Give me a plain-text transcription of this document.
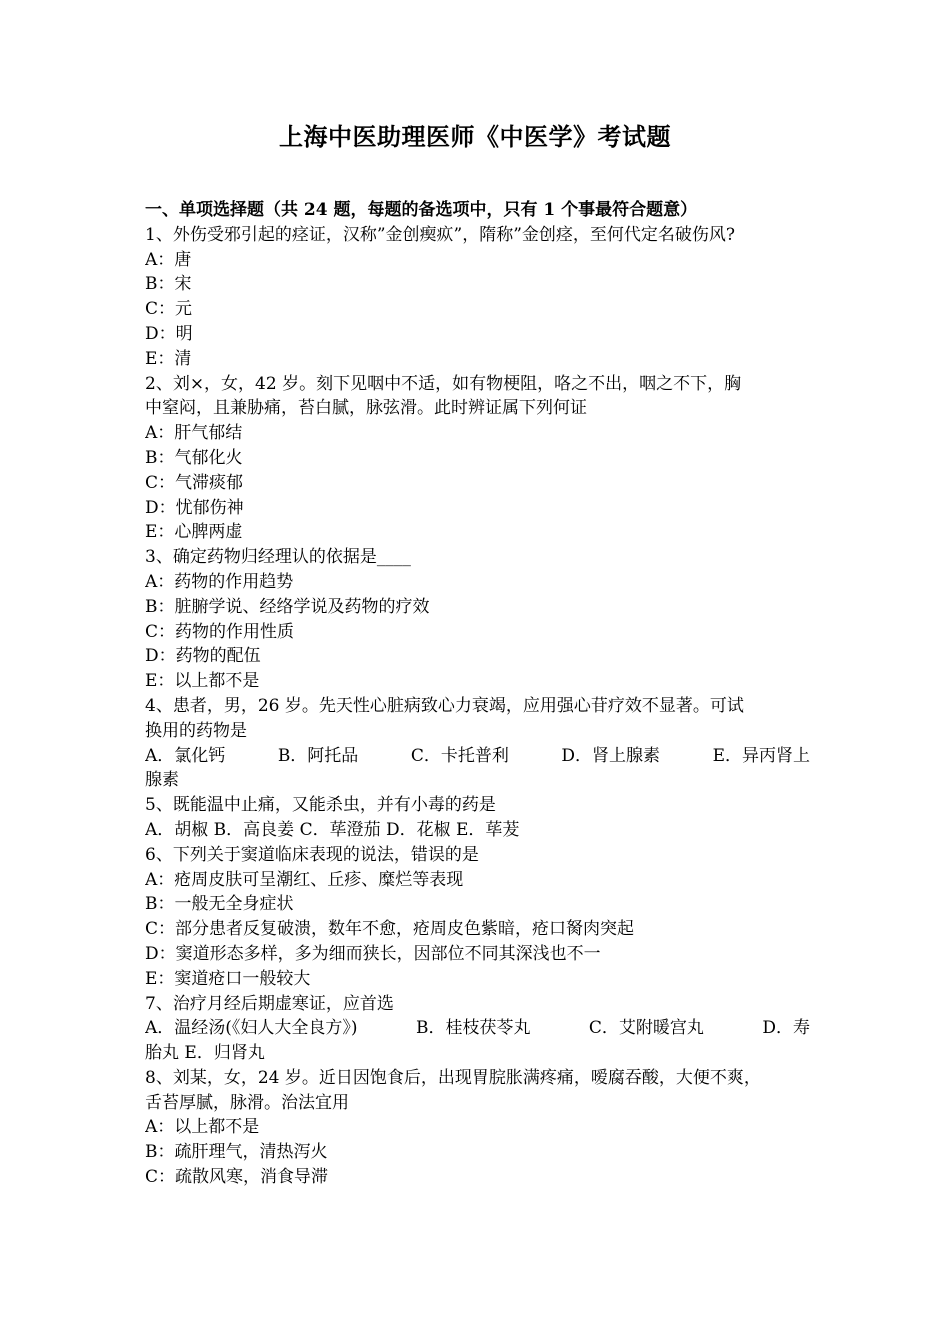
上海中医助理医师《中医学》考试题
一、单项选择题（共 24 题，每题的备选项中，只有 1 个事最符合题意）
1、外伤受邪引起的痉证，汉称”金创瘈疭”，隋称”金创痉，至何代定名破伤风?
A：唐
B：宋
C：元
D：明
E：清
2、刘×，女，42 岁。刻下见咽中不适，如有物梗阻，咯之不出，咽之不下，胸
中窒闷，且兼胁痛，苔白腻，脉弦滑。此时辨证属下列何证
A：肝气郁结
B：气郁化火
C：气滞痰郁
D：忧郁伤神
E：心脾两虚
3、确定药物归经理认的依据是____
A：药物的作用趋势
B：脏腑学说、经络学说及药物的疗效
C：药物的作用性质
D：药物的配伍
E：以上都不是
4、患者，男，26 岁。先天性心脏病致心力衰竭，应用强心苷疗效不显著。可试
换用的药物是
A．氯化钙	B．阿托品	C．卡托普利	D．肾上腺素	E．异丙肾上
腺素
5、既能温中止痛，又能杀虫，并有小毒的药是
A．胡椒 B．高良姜 C．荜澄茄 D．花椒 E．荜茇
6、下列关于窦道临床表现的说法，错误的是
A：疮周皮肤可呈潮红、丘疹、糜烂等表现
B：一般无全身症状
C：部分患者反复破溃，数年不愈，疮周皮色紫暗，疮口胬肉突起
D：窦道形态多样，多为细而狭长，因部位不同其深浅也不一
E：窦道疮口一般较大
7、治疗月经后期虚寒证，应首选
A．温经汤(《妇人大全良方》)	B．桂枝茯苓丸	C．艾附暖宫丸	D．寿
胎丸 E．归肾丸
8、刘某，女，24 岁。近日因饱食后，出现胃脘胀满疼痛，嗳腐吞酸，大便不爽，
舌苔厚腻，脉滑。治法宜用
A：以上都不是
B：疏肝理气，清热泻火
C：疏散风寒，消食导滞
